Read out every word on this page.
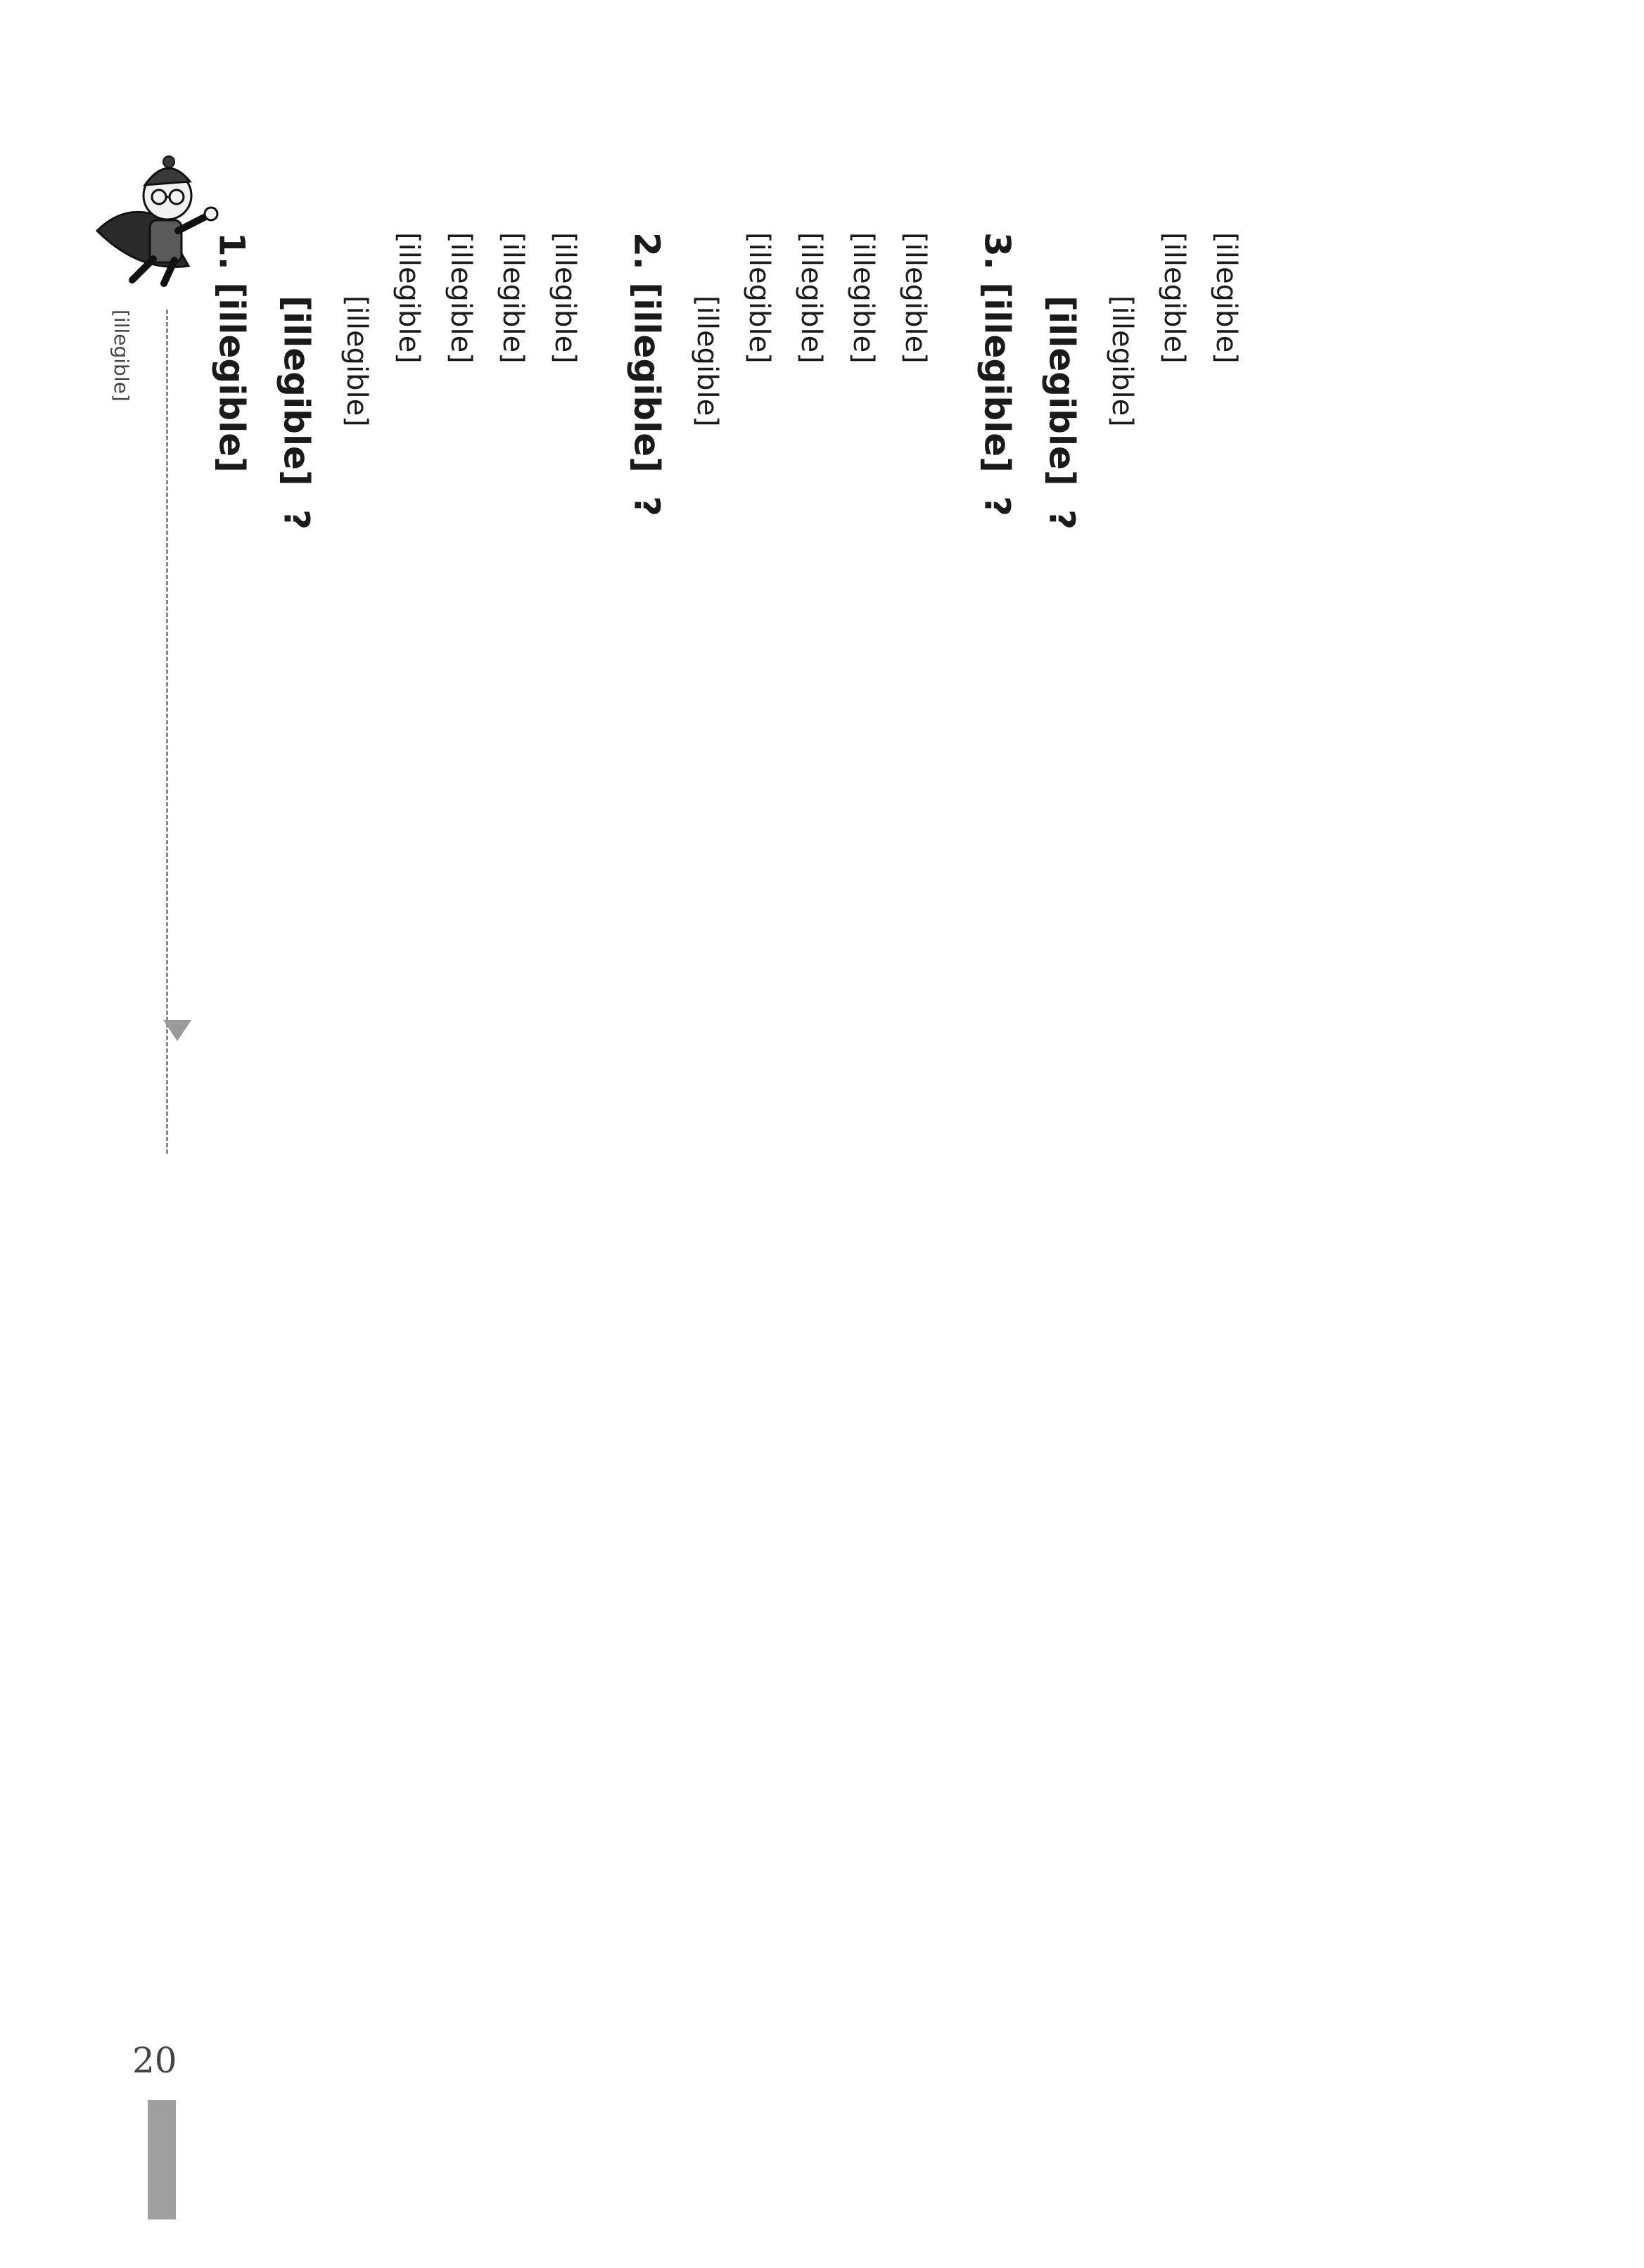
[illegible]
1. [illegible] [illegible] ?
[illegible] [illegible] [illegible] [illegible] [illegible] 2. [illegible] ?
[illegible] [illegible] [illegible] [illegible] [illegible] 3. [illegible] ?
[illegible] ?
[illegible] [illegible] [illegible]
20
